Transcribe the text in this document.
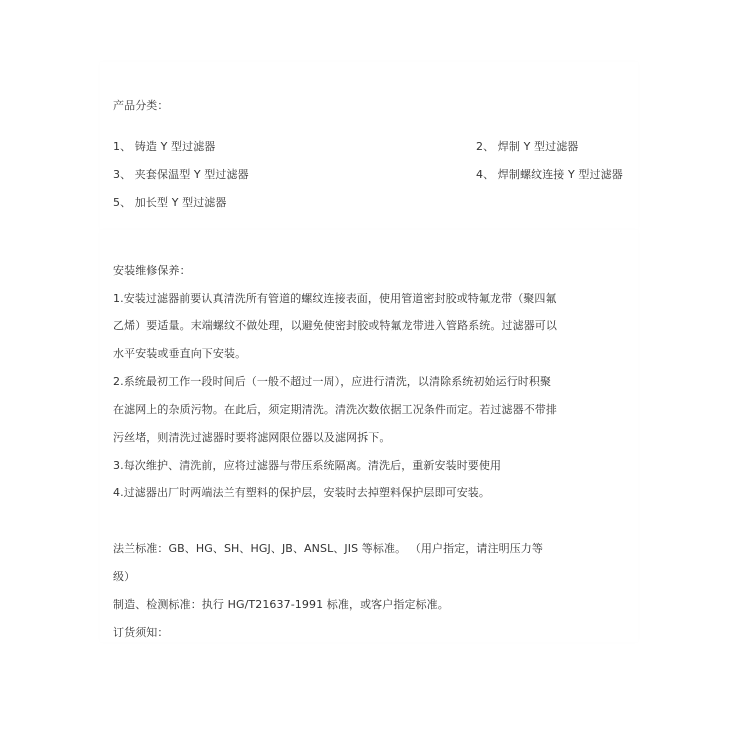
产品分类：
1、 铸造 Y 型过滤器	2、 焊制 Y 型过滤器
3、 夹套保温型 Y 型过滤器	4、 焊制螺纹连接 Y 型过滤器
5、 加长型 Y 型过滤器
安装维修保养：
1.安装过滤器前要认真清洗所有管道的螺纹连接表面，使用管道密封胶或特氟龙带（聚四氟
乙烯）要适量。末端螺纹不做处理，以避免使密封胶或特氟龙带进入管路系统。过滤器可以
水平安装或垂直向下安装。
2.系统最初工作一段时间后（一般不超过一周），应进行清洗，以清除系统初始运行时积聚
在滤网上的杂质污物。在此后，须定期清洗。清洗次数依据工况条件而定。若过滤器不带排
污丝堵，则清洗过滤器时要将滤网限位器以及滤网拆下。
3.每次维护、清洗前，应将过滤器与带压系统隔离。清洗后，重新安装时要使用
4.过滤器出厂时两端法兰有塑料的保护层，安装时去掉塑料保护层即可安装。
法兰标准：GB、HG、SH、HGJ、JB、ANSL、JIS 等标准。 （用户指定，请注明压力等
级）
制造、检测标准：执行 HG/T21637-1991 标准，或客户指定标准。
订货须知：
